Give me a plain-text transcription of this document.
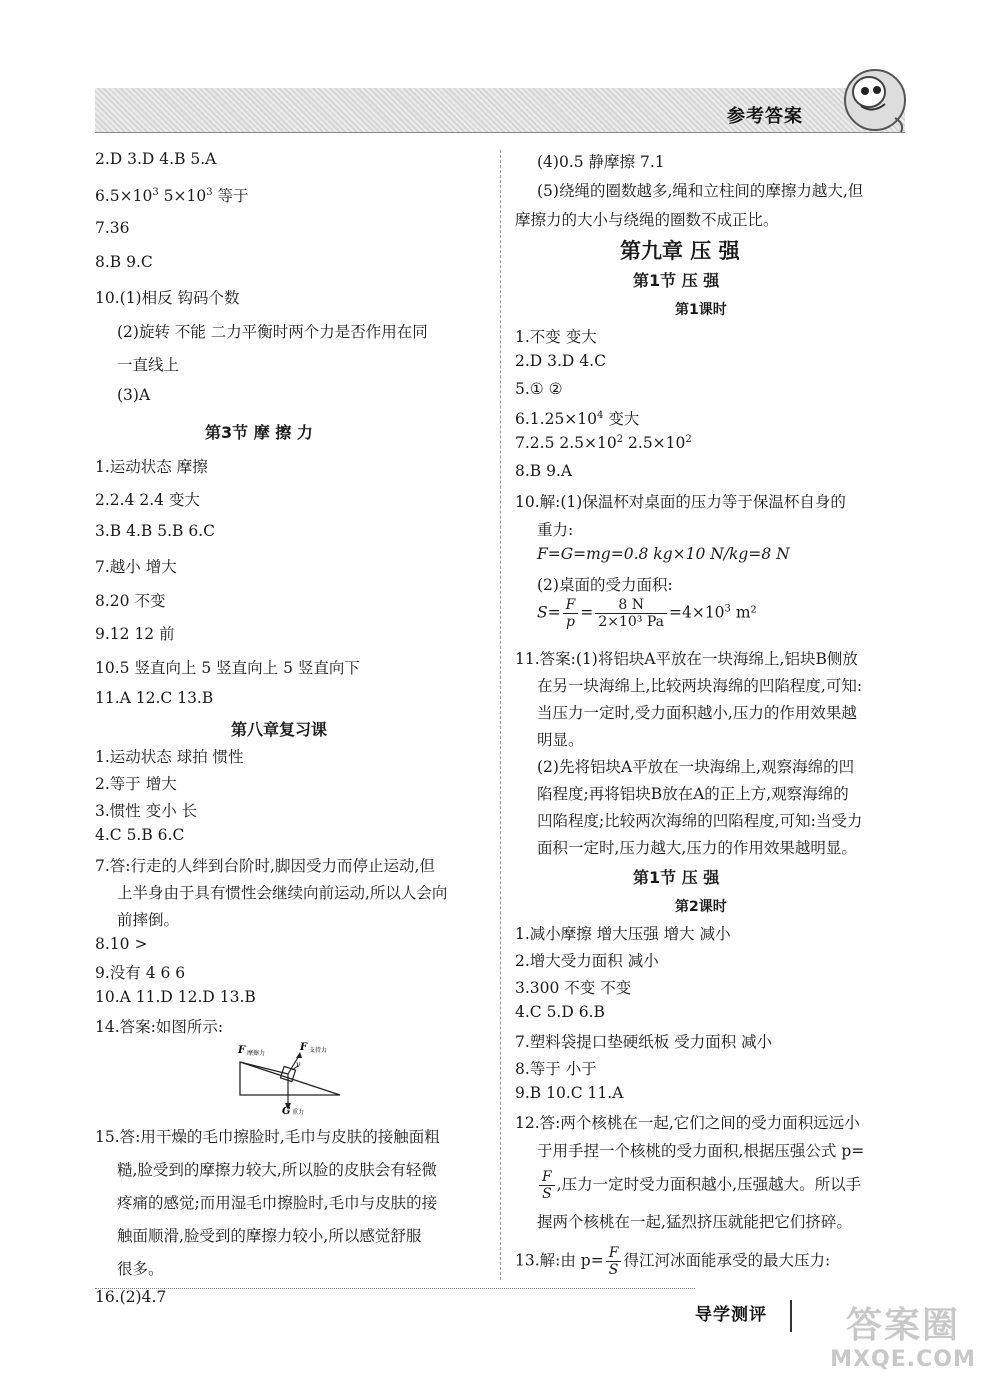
参考答案
2.D 3.D 4.B 5.A
$6.5\times 10^3$ $5\times 10^3$ 等于
7.36
8.B 9.C
10.(1)相反 钩码个数
(2)旋转 不能 二力平衡时两个力是否作用在同
一直线上
(3)A
第3节 摩 擦 力
1.运动状态 摩擦
2.2.4 2.4 变大
3.B 4.B 5.B 6.C
7.越小 增大
8.20 不变
9.12 12 前
10.5 竖直向上 5 竖直向上 5 竖直向下
11.A 12.C 13.B
第八章复习课
1.运动状态 球拍 惯性
2.等于 增大
3.惯性 变小 长
4.C 5.B 6.C
7.答:行走的人绊到台阶时,脚因受力而停止运动,但
上半身由于具有惯性会继续向前运动,所以人会向
前摔倒。
8.10 >
9.没有 4 6 6
10.A 11.D 12.D 13.B
14.答案:如图所示:
15.答:用干燥的毛巾擦脸时,毛巾与皮肤的接触面粗
糙,脸受到的摩擦力较大,所以脸的皮肤会有轻微
疼痛的感觉;而用湿毛巾擦脸时,毛巾与皮肤的接
触面顺滑,脸受到的摩擦力较小,所以感觉舒服
很多。
16.(2)4.7
F 摩擦力
F 支持力
v
G 重力
(4)0.5 静摩擦 7.1
(5)绕绳的圈数越多,绳和立柱间的摩擦力越大,但
摩擦力的大小与绕绳的圈数不成正比。
第九章 压 强
第1节 压 强
第1课时
1.不变 变大
2.D 3.D 4.C
5.① ②
$6.1.25\times 10^4$ 变大
7.2.5 $2.5\times 10^2$ $2.5\times 10^2$
8.B 9.A
10.解:(1)保温杯对桌面的压力等于保温杯自身的
重力:
F=G=mg=0.8 kg×10 N/kg=8 N
(2)桌面的受力面积:
$S= \frac{F}{p} = \frac{8 N}{\text{2×10³ Pa}} =4\times 10^3$ m²
11.答案:(1)将铝块A平放在一块海绵上,铝块B侧放
在另一块海绵上,比较两块海绵的凹陷程度,可知:
当压力一定时,受力面积越小,压力的作用效果越
明显。
(2)先将铝块A平放在一块海绵上,观察海绵的凹
陷程度;再将铝块B放在A的正上方,观察海绵的
凹陷程度;比较两次海绵的凹陷程度,可知:当受力
面积一定时,压力越大,压力的作用效果越明显。
第1节 压 强
第2课时
1.减小摩擦 增大压强 增大 减小
2.增大受力面积 减小
3.300 不变 不变
4.C 5.D 6.B
7.塑料袋提口垫硬纸板 受力面积 减小
8.等于 小于
9.B 10.C 11.A
12.答:两个核桃在一起,它们之间的受力面积远远小
于用手捏一个核桃的受力面积,根据压强公式 p=
$\frac{F}{S}$ ,压力一定时受力面积越小,压强越大。所以手
握两个核桃在一起,猛烈挤压就能把它们挤碎。
13.解:由 $p= \frac{F}{S}$ 得江河冰面能承受的最大压力:
导学测评	答案圈
MXQE.COM
